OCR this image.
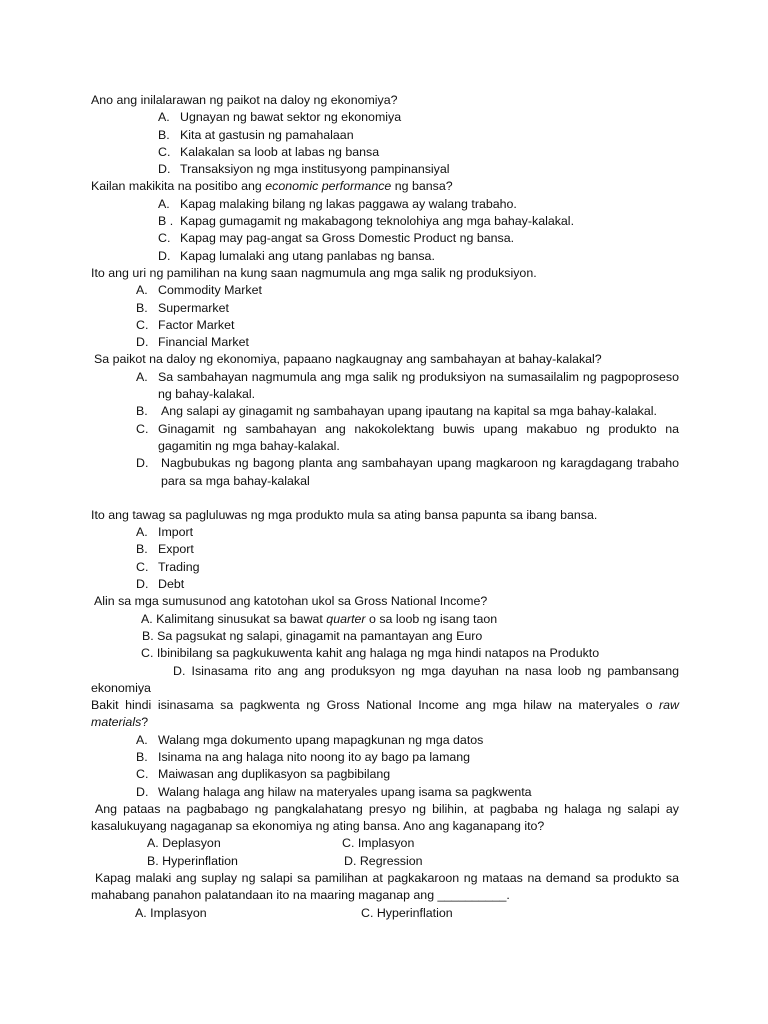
Ano ang inilalarawan ng paikot na daloy ng ekonomiya?

A. Ugnayan ng bawat sektor ng ekonomiya

B. Kita at gastusin ng pamahalaan

C. Kalakalan sa loob at labas ng bansa

D. Transaksiyon ng mga institusyong pampinansiyal

Kailan makikita na positibo ang economic performance ng bansa?

A. Kapag malaking bilang ng lakas paggawa ay walang trabaho.

B . Kapag gumagamit ng makabagong teknolohiya ang mga bahay-kalakal.

C. Kapag may pag-angat sa Gross Domestic Product ng bansa.

D. Kapag lumalaki ang utang panlabas ng bansa.

Ito ang uri ng pamilihan na kung saan nagmumula ang mga salik ng produksiyon.

A. Commodity Market

B. Supermarket

C. Factor Market

D. Financial Market

Sa paikot na daloy ng ekonomiya, papaano nagkaugnay ang sambahayan at bahay-kalakal?

A. Sa sambahayan nagmumula ang mga salik ng produksiyon na sumasailalim ng pagpoproseso ng bahay-kalakal.
B.	Ang salapi ay ginagamit ng sambahayan upang ipautang na kapital sa mga bahay-kalakal.
C. Ginagamit ng sambahayan ang nakokolektang buwis upang makabuo ng produkto na gagamitin ng mga bahay-kalakal.
D.	Nagbubukas ng bagong planta ang sambahayan upang magkaroon ng karagdagang trabaho para sa mga bahay-kalakal

Ito ang tawag sa pagluluwas ng mga produkto mula sa ating bansa papunta sa ibang bansa.

A. Import

B. Export

C. Trading

D. Debt

Alin sa mga sumusunod ang katotohan ukol sa Gross National Income?

A. Kalimitang sinusukat sa bawat quarter o sa loob ng isang taon

B. Sa pagsukat ng salapi, ginagamit na pamantayan ang Euro

C. Ibinibilang sa pagkukuwenta kahit ang halaga ng mga hindi natapos na Produkto

D. Isinasama rito ang ang produksyon ng mga dayuhan na nasa loob ng pambansang ekonomiya

Bakit hindi isinasama sa pagkwenta ng Gross National Income ang mga hilaw na materyales o raw materials?

A. Walang mga dokumento upang mapagkunan ng mga datos

B. Isinama na ang halaga nito noong ito ay bago pa lamang

C. Maiwasan ang duplikasyon sa pagbibilang

D. Walang halaga ang hilaw na materyales upang isama sa pagkwenta

Ang pataas na pagbabago ng pangkalahatang presyo ng bilihin, at pagbaba ng halaga ng salapi ay kasalukuyang nagaganap sa ekonomiya ng ating bansa. Ano ang kaganapang ito?

A. Deplasyon	C. Implasyon
B. Hyperinflation	D. Regression

Kapag malaki ang suplay ng salapi sa pamilihan at pagkakaroon ng mataas na demand sa produkto sa mahabang panahon palatandaan ito na maaring maganap ang __________.

A. Implasyon	C. Hyperinflation
